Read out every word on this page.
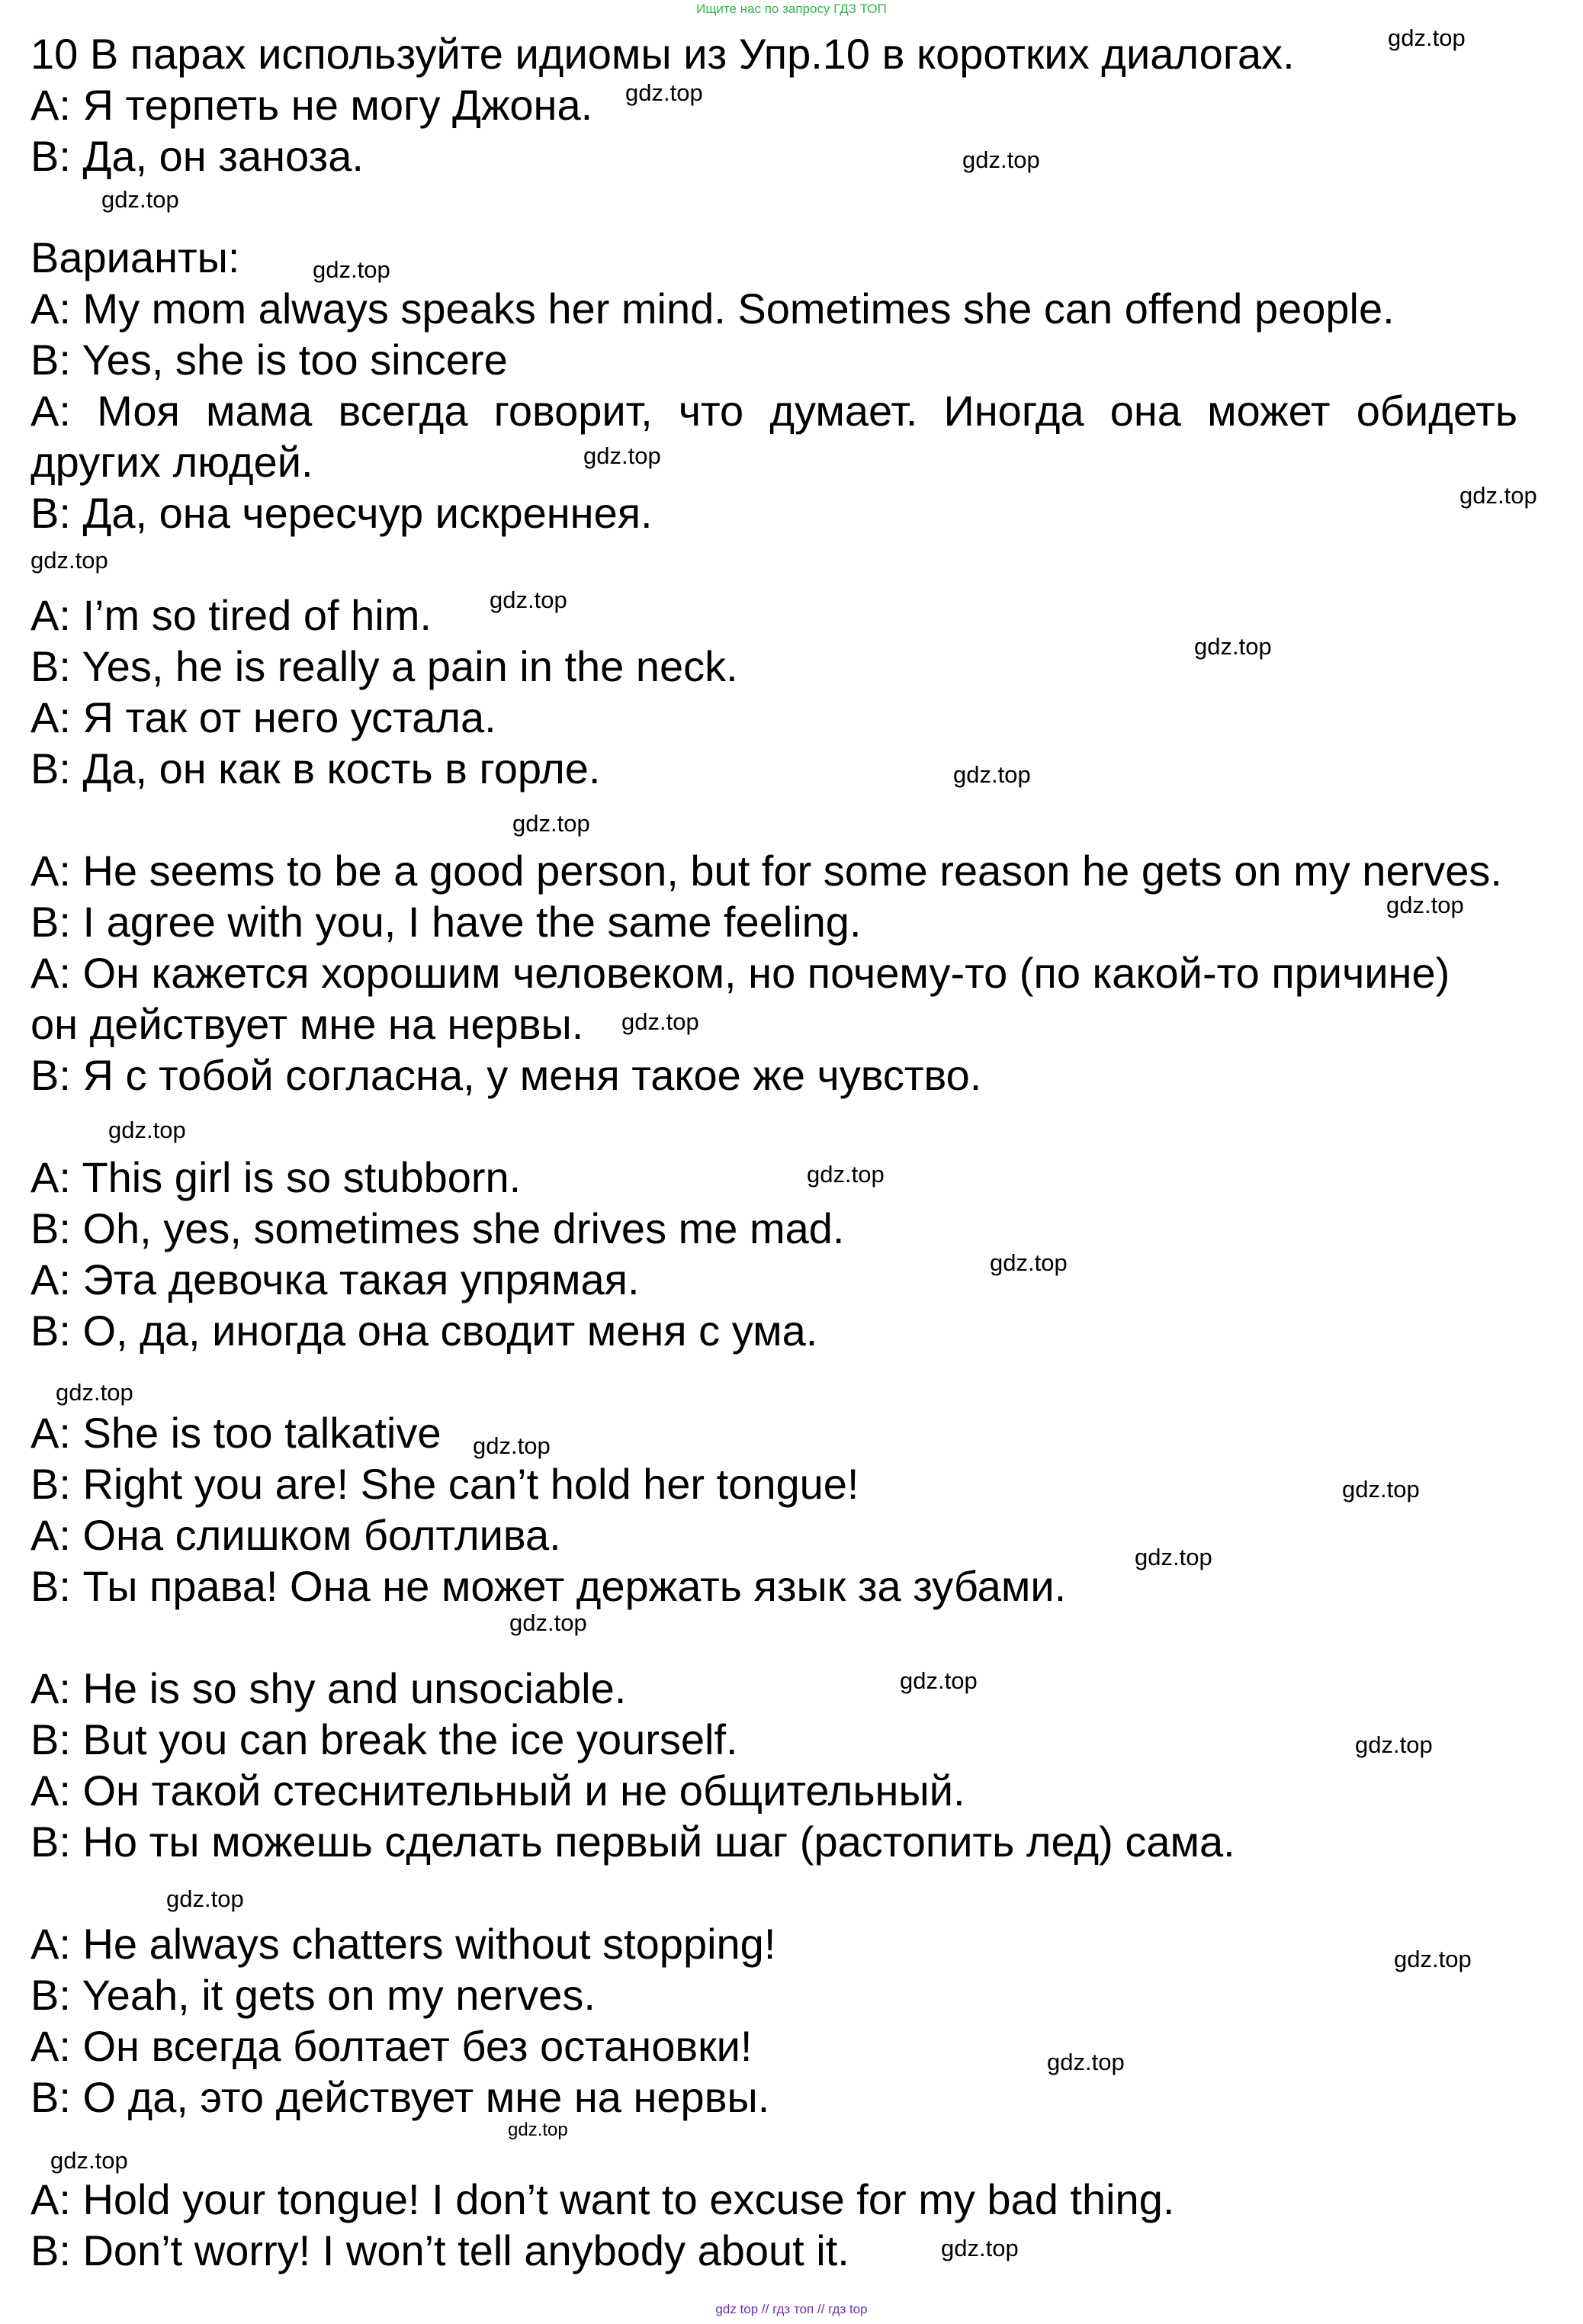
Ищите нас по запросу ГДЗ ТОП
10 В парах используйте идиомы из Упр.10 в коротких диалогах.
А: Я терпеть не могу Джона.
В: Да, он заноза.
Варианты:
A: My mom always speaks her mind. Sometimes she can offend people.
B: Yes, she is too sincere
A: Моя мама всегда говорит, что думает. Иногда она может обидеть
других людей.
В: Да, она чересчур искреннея.
A: I’m so tired of him.
B: Yes, he is really a pain in the neck.
A: Я так от него устала.
B: Да, он как в кость в горле.
A: He seems to be a good person, but for some reason he gets on my nerves.
B: I agree with you, I have the same feeling.
A: Он кажется хорошим человеком, но почему-то (по какой-то причине)
он действует мне на нервы.
B: Я с тобой согласна, у меня такое же чувство.
A: This girl is so stubborn.
B: Oh, yes, sometimes she drives me mad.
A: Эта девочка такая упрямая.
B: О, да, иногда она сводит меня с ума.
A: She is too talkative
B: Right you are! She can’t hold her tongue!
A: Она слишком болтлива.
B: Ты права! Она не может держать язык за зубами.
A: He is so shy and unsociable.
B: But you can break the ice yourself.
A: Он такой стеснительный и не общительный.
B: Но ты можешь сделать первый шаг (растопить лед) сама.
A: He always chatters without stopping!
B: Yeah, it gets on my nerves.
A: Он всегда болтает без остановки!
B: О да, это действует мне на нервы.
A: Hold your tongue! I don’t want to excuse for my bad thing.
B: Don’t worry! I won’t tell anybody about it.
gdz.top
gdz.top
gdz.top
gdz.top
gdz.top
gdz.top
gdz.top
gdz.top
gdz.top
gdz.top
gdz.top
gdz.top
gdz.top
gdz.top
gdz.top
gdz.top
gdz.top
gdz.top
gdz.top
gdz.top
gdz.top
gdz.top
gdz.top
gdz.top
gdz.top
gdz.top
gdz.top
gdz.top
gdz.top
gdz.top
gdz top // гдз топ // гдз top
